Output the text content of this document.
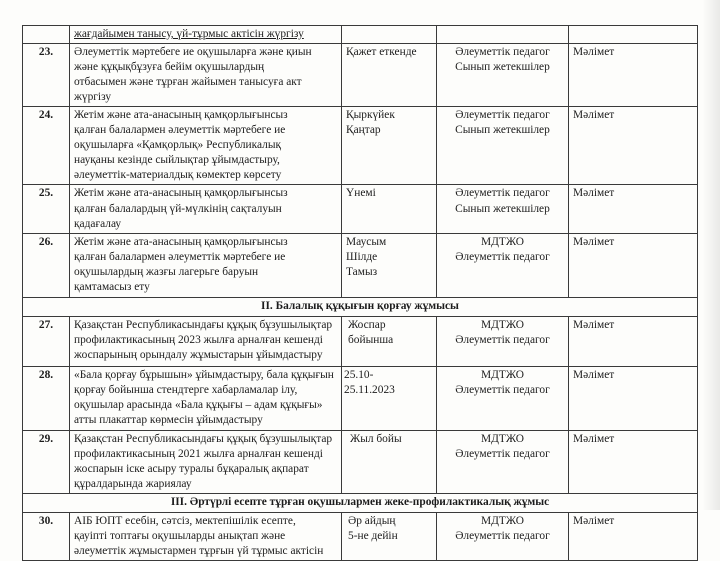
	жағдайымен танысу, үй-тұрмыс актісін жүргізу			
23.	Әлеуметтік мәртебеге ие оқушыларға және қиын
және құқықбұзуға бейім оқушылардың
отбасымен және тұрған жайымен танысуға акт
жүргізу	Қажет еткенде	Әлеуметтік педагог
Сынып жетекшілер	Мәлімет
24.	Жетім және ата-анасының қамқорлығынсыз
қалған балалармен әлеуметтік мәртебеге ие
оқушыларға «Қамқорлық» Республикалық
науқаны кезінде сыйлықтар ұйымдастыру,
әлеуметтік-материалдық көмектер көрсету	Қыркүйек
Қаңтар	Әлеуметтік педагог
Сынып жетекшілер	Мәлімет
25.	Жетім және ата-анасының қамқорлығынсыз
қалған балалардың үй-мүлкінің сақталуын
қадағалау	Үнемі	Әлеуметтік педагог
Сынып жетекшілер	Мәлімет
26.	Жетім және ата-анасының қамқорлығынсыз
қалған балалармен әлеуметтік мәртебеге ие
оқушылардың жазғы лагерьге баруын
қамтамасыз ету	Маусым
Шілде
Тамыз	МДТЖО
Әлеуметтік педагог	Мәлімет
II. Балалық құқығын қорғау жұмысы				
27.	Қазақстан Республикасындағы құқық бұзушылықтар
профилактикасының 2023 жылға арналған кешенді
жоспарының орындалу жұмыстарын ұйымдастыру	Жоспар
бойынша	МДТЖО
Әлеуметтік педагог	Мәлімет
28.	«Бала қорғау бұрышын» ұйымдастыру, бала құқығын
қорғау бойынша стендтерге хабарламалар ілу,
оқушылар арасында «Бала құқығы – адам құқығы»
атты плакаттар көрмесін ұйымдастыру	25.10-
25.11.2023	МДТЖО
Әлеуметтік педагог	Мәлімет
29.	Қазақстан Республикасындағы құқық бұзушылықтар
профилактикасының 2021 жылға арналған кешенді
жоспарын іске асыру туралы бұқаралық ақпарат
құралдарында жариялау	Жыл бойы	МДТЖО
Әлеуметтік педагог	Мәлімет
III. Әртүрлі есепте тұрған оқушылармен жеке-профилактикалық жұмыс				
30.	АІБ ЮПТ есебін, сәтсіз, мектепішілік есепте,
қауіпті топтағы оқушыларды анықтап және
әлеуметтік жұмыстармен тұрғын үй тұрмыс актісін	Әр айдың
5-не дейін	МДТЖО
Әлеуметтік педагог	Мәлімет
